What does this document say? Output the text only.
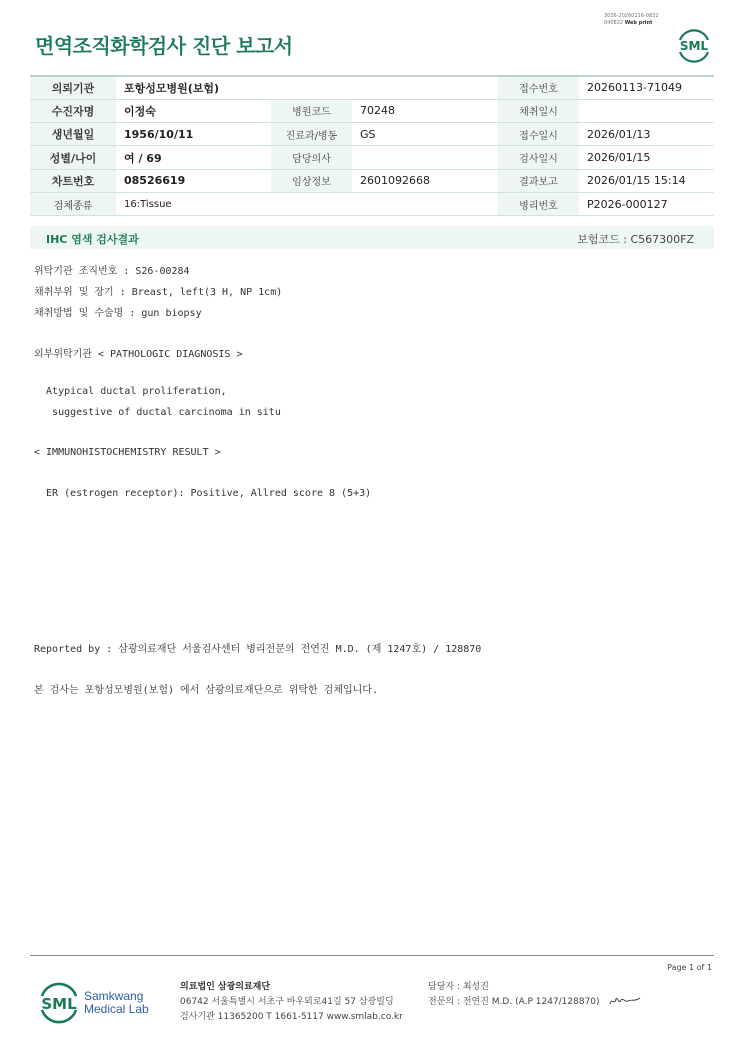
면역조직화학검사 진단 보고서
3036-20260116-0832
040822 Web print
SML
의뢰기관	포항성모병원(보험)			접수번호	20260113-71049
수진자명	이정숙	병원코드	70248	채취일시	
생년월일	1956/10/11	진료과/병동	GS	접수일시	2026/01/13
성별/나이	여 / 69	담당의사		검사일시	2026/01/15
차트번호	08526619	임상정보	2601092668	결과보고	2026/01/15 15:14
검체종류	16:Tissue			병리번호	P2026-000127
IHC 염색 검사결과	보험코드 : C567300FZ
위탁기관 조직번호 : S26-00284
채취부위 및 장기 : Breast, left(3 H, NP 1cm)
채취방법 및 수술명 : gun biopsy
외부위탁기관 < PATHOLOGIC DIAGNOSIS >
Atypical ductal proliferation,
suggestive of ductal carcinoma in situ
< IMMUNOHISTOCHEMISTRY RESULT >
ER (estrogen receptor): Positive, Allred score 8 (5+3)
Reported by : 삼광의료재단 서울검사센터 병리전문의 전연진 M.D. (제 1247호) / 128870
본 검사는 포항성모병원(보험) 에서 삼광의료재단으로 위탁한 검체입니다.
Page 1 of 1
SML Samkwang
Medical Lab
의료법인 삼광의료재단
06742 서울특별시 서초구 바우뫼로41길 57 삼광빌딩
검사기관 11365200 T 1661-5117 www.smlab.co.kr
담당자 : 최성진
전문의 : 전연진 M.D. (A.P 1247/128870)
